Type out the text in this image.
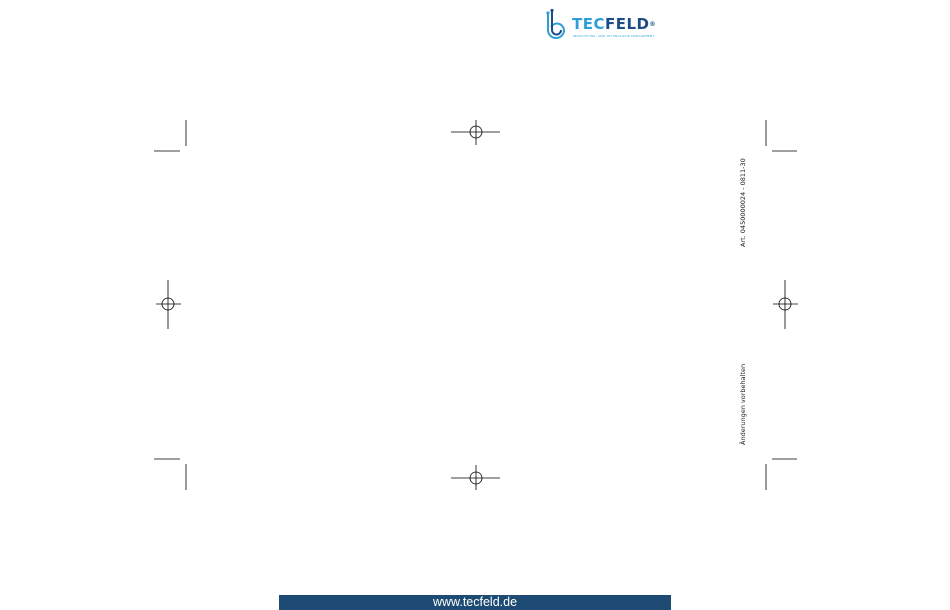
TECFELD®
INNOVATIONS- UND TECHNOLOGIE-MANAGEMENT
Art. 0450000024 - 0811-30
Änderungen vorbehalten
www.tecfeld.de
